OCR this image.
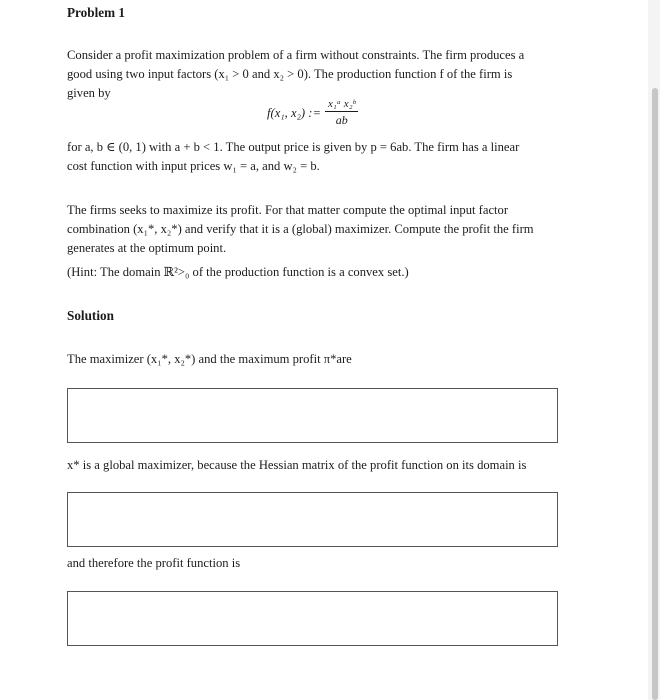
Problem 1
Consider a profit maximization problem of a firm without constraints. The firm produces a
good using two input factors (x₁ > 0 and x₂ > 0). The production function f of the firm is
given by
f(x₁, x₂) := $\frac{\text{x₁ᵃ x₂ᵇ}}{ab}$
for a, b ∈ (0, 1) with a + b < 1. The output price is given by p = 6ab. The firm has a linear
cost function with input prices w₁ = a, and w₂ = b.
The firms seeks to maximize its profit. For that matter compute the optimal input factor
combination (x₁*, x₂*) and verify that it is a (global) maximizer. Compute the profit the firm
generates at the optimum point.
(Hint: The domain ℝ²>₀ of the production function is a convex set.)
Solution
The maximizer (x₁*, x₂*) and the maximum profit π*are
x* is a global maximizer, because the Hessian matrix of the profit function on its domain is
and therefore the profit function is
